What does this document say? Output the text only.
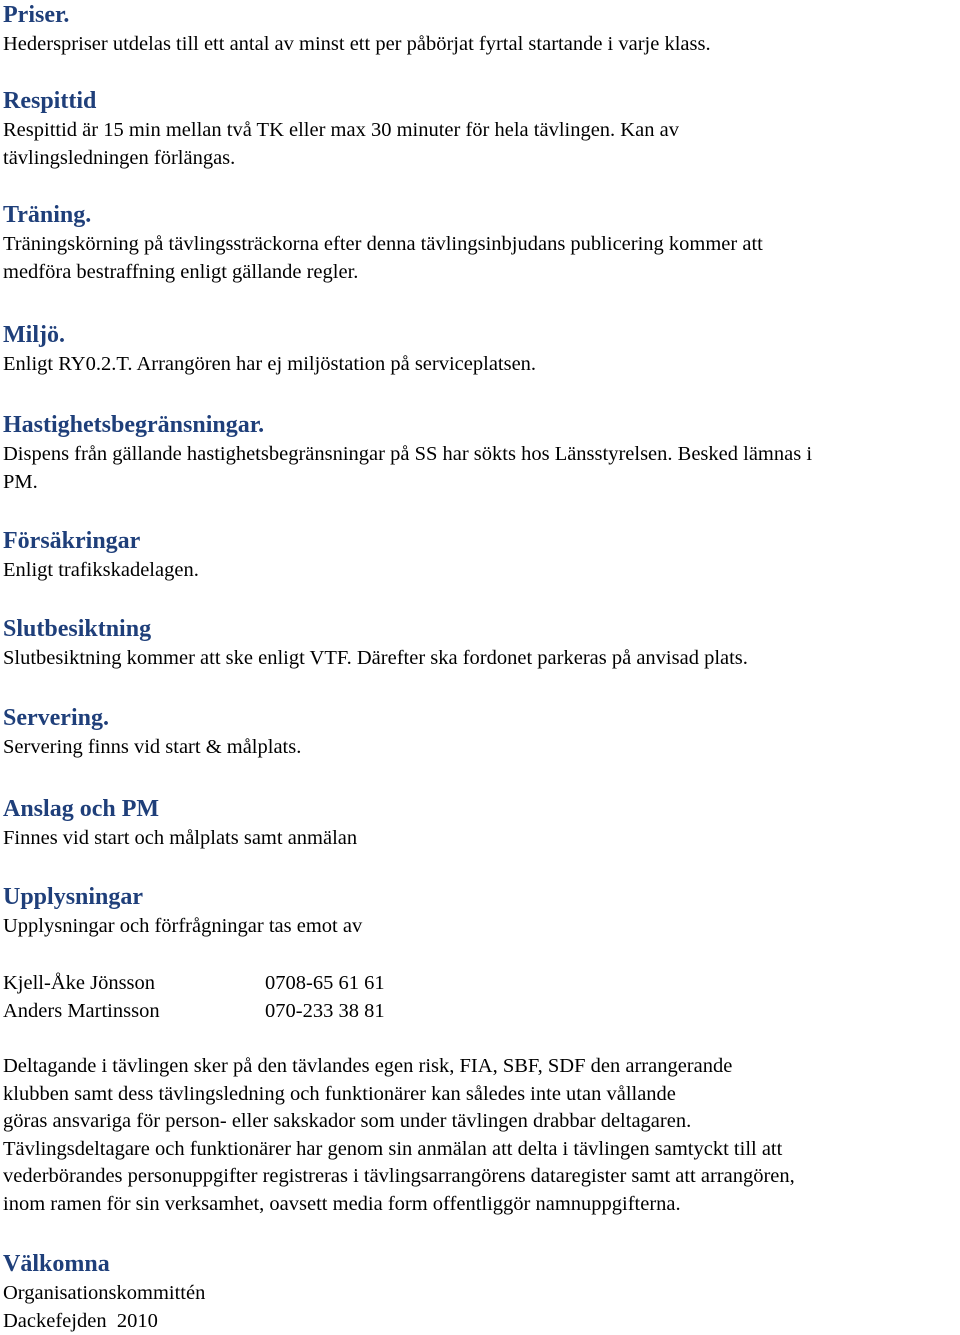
Priser.
Hederspriser utdelas till ett antal av minst ett per påbörjat fyrtal startande i varje klass.
Respittid
Respittid är 15 min mellan två TK eller max 30 minuter för hela tävlingen. Kan av
tävlingsledningen förlängas.
Träning.
Träningskörning på tävlingssträckorna efter denna tävlingsinbjudans publicering kommer att
medföra bestraffning enligt gällande regler.
Miljö.
Enligt RY0.2.T. Arrangören har ej miljöstation på serviceplatsen.
Hastighetsbegränsningar.
Dispens från gällande hastighetsbegränsningar på SS har sökts hos Länsstyrelsen. Besked lämnas i
PM.
Försäkringar
Enligt trafikskadelagen.
Slutbesiktning
Slutbesiktning kommer att ske enligt VTF. Därefter ska fordonet parkeras på anvisad plats.
Servering.
Servering finns vid start & målplats.
Anslag och PM
Finnes vid start och målplats samt anmälan
Upplysningar
Upplysningar och förfrågningar tas emot av
Kjell-Åke Jönsson	0708-65 61 61
Anders Martinsson	070-233 38 81
Deltagande i tävlingen sker på den tävlandes egen risk, FIA, SBF, SDF den arrangerande
klubben samt dess tävlingsledning och funktionärer kan således inte utan vållande
göras ansvariga för person- eller sakskador som under tävlingen drabbar deltagaren.
Tävlingsdeltagare och funktionärer har genom sin anmälan att delta i tävlingen samtyckt till att
vederbörandes personuppgifter registreras i tävlingsarrangörens dataregister samt att arrangören,
inom ramen för sin verksamhet, oavsett media form offentliggör namnuppgifterna.
Välkomna
Organisationskommittén
Dackefejden  2010
